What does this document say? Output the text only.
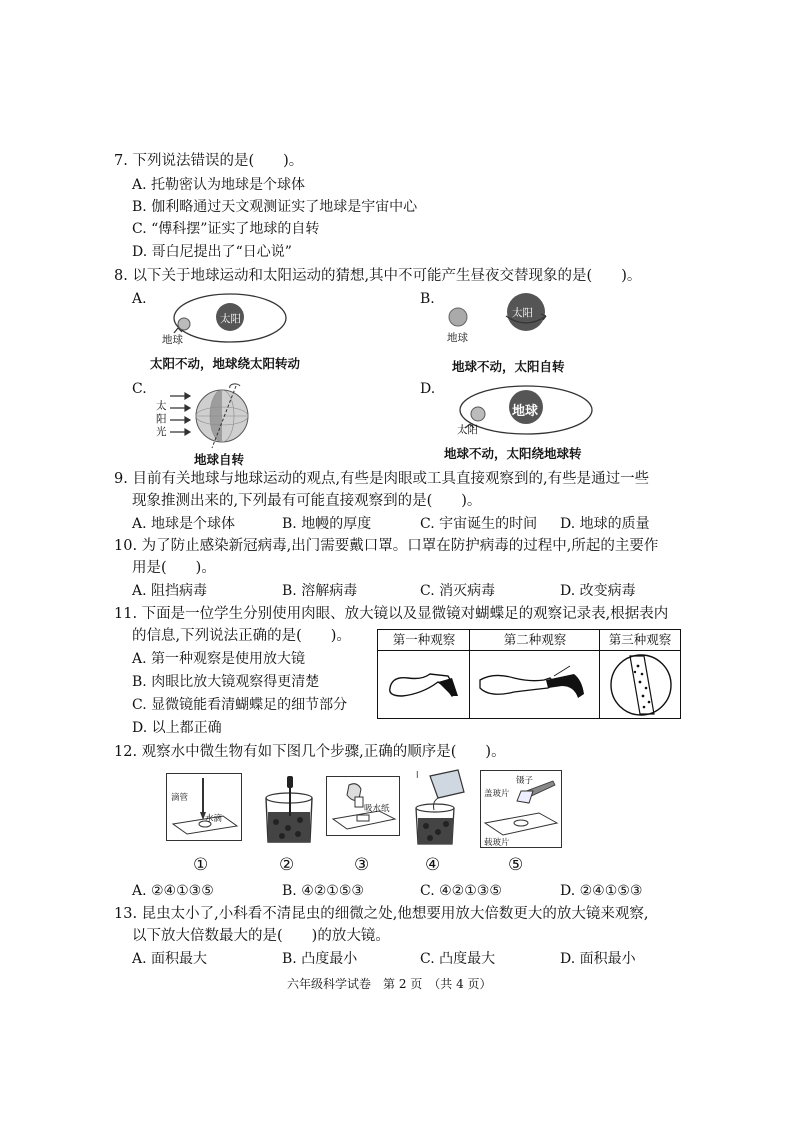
7. 下列说法错误的是(　　)。
A. 托勒密认为地球是个球体
B. 伽利略通过天文观测证实了地球是宇宙中心
C. “傅科摆”证实了地球的自转
D. 哥白尼提出了“日心说”
8. 以下关于地球运动和太阳运动的猜想,其中不可能产生昼夜交替现象的是(　　)。
A.
太阳
地球
太阳不动，地球绕太阳转动
B.
太阳
地球
地球不动，太阳自转
C.
太
阳
光
地球自转
D.
地球
太阳
地球不动，太阳绕地球转
9. 目前有关地球与地球运动的观点,有些是肉眼或工具直接观察到的,有些是通过一些
现象推测出来的,下列最有可能直接观察到的是(　　)。
A. 地球是个球体	B. 地幔的厚度	C. 宇宙诞生的时间 D. 地球的质量
10. 为了防止感染新冠病毒,出门需要戴口罩。口罩在防护病毒的过程中,所起的主要作
用是(　　)。
A. 阻挡病毒	B. 溶解病毒	C. 消灭病毒	D. 改变病毒
11. 下面是一位学生分别使用肉眼、放大镜以及显微镜对蝴蝶足的观察记录表,根据表内
的信息,下列说法正确的是(　　)。
A. 第一种观察是使用放大镜
B. 肉眼比放大镜观察得更清楚
C. 显微镜能看清蝴蝶足的细节部分
D. 以上都正确
第一种观察	第二种观察	第三种观察
12. 观察水中微生物有如下图几个步骤,正确的顺序是(　　)。
滴管
水滴
吸水纸
l	镊子
盖玻片
载玻片
①	②	③	④	⑤
A. ②④①③⑤	B. ④②①⑤③	C. ④②①③⑤	D. ②④①⑤③
13. 昆虫太小了,小科看不清昆虫的细微之处,他想要用放大倍数更大的放大镜来观察,
以下放大倍数最大的是(　　)的放大镜。
A. 面积最大	B. 凸度最小	C. 凸度最大	D. 面积最小
六年级科学试卷　第 2 页　（共 4 页）
